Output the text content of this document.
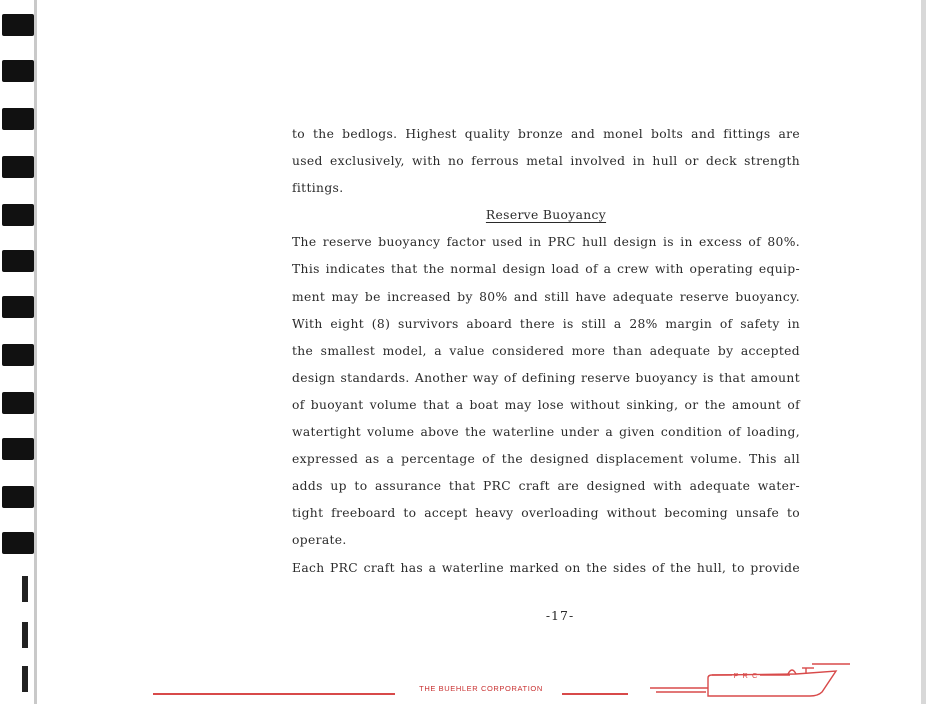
to the bedlogs. Highest quality bronze and monel bolts and fittings are
used exclusively, with no ferrous metal involved in hull or deck strength
fittings.
Reserve Buoyancy
The reserve buoyancy factor used in PRC hull design is in excess of 80%.
This indicates that the normal design load of a crew with operating equip-
ment may be increased by 80% and still have adequate reserve buoyancy.
With eight (8) survivors aboard there is still a 28% margin of safety in
the smallest model, a value considered more than adequate by accepted
design standards. Another way of defining reserve buoyancy is that amount
of buoyant volume that a boat may lose without sinking, or the amount of
watertight volume above the waterline under a given condition of loading,
expressed as a percentage of the designed displacement volume. This all
adds up to assurance that PRC craft are designed with adequate water-
tight freeboard to accept heavy overloading without becoming unsafe to
operate.
Each PRC craft has a waterline marked on the sides of the hull, to provide
-17-
THE BUEHLER CORPORATION
P R C
